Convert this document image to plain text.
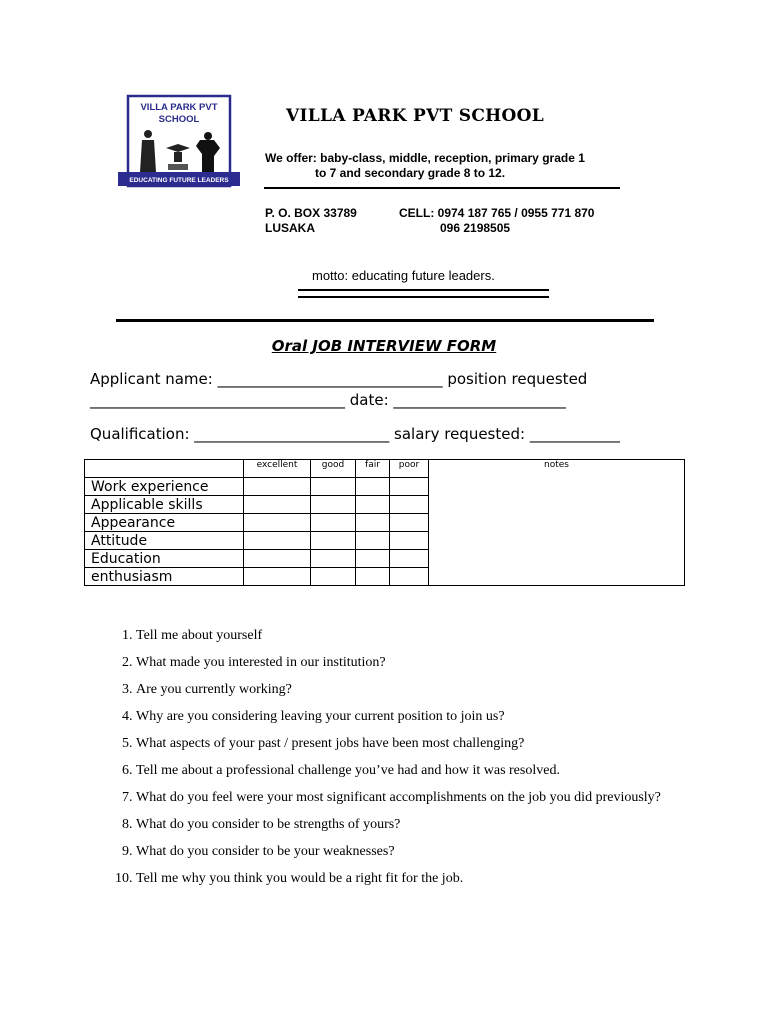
VILLA PARK PVT
SCHOOL
EDUCATING FUTURE LEADERS
VILLA PARK PVT SCHOOL
We offer: baby-class, middle, reception, primary grade 1
to 7 and secondary grade 8 to 12.
P. O. BOX 33789
LUSAKA
CELL: 0974 187 765 / 0955 771 870
096 2198505
motto: educating future leaders.
Oral JOB INTERVIEW FORM
Applicant name: ______________________________ position requested
__________________________________ date: _______________________
Qualification: __________________________ salary requested: ____________
	excellent	good	fair	poor	notes
Work experience					
Applicable skills					
Appearance					
Attitude					
Education					
enthusiasm					
1. Tell me about yourself
2. What made you interested in our institution?
3. Are you currently working?
4. Why are you considering leaving your current position to join us?
5. What aspects of your past / present jobs have been most challenging?
6. Tell me about a professional challenge you’ve had and how it was resolved.
7. What do you feel were your most significant accomplishments on the job you did previously?
8. What do you consider to be strengths of yours?
9. What do you consider to be your weaknesses?
10. Tell me why you think you would be a right fit for the job.
